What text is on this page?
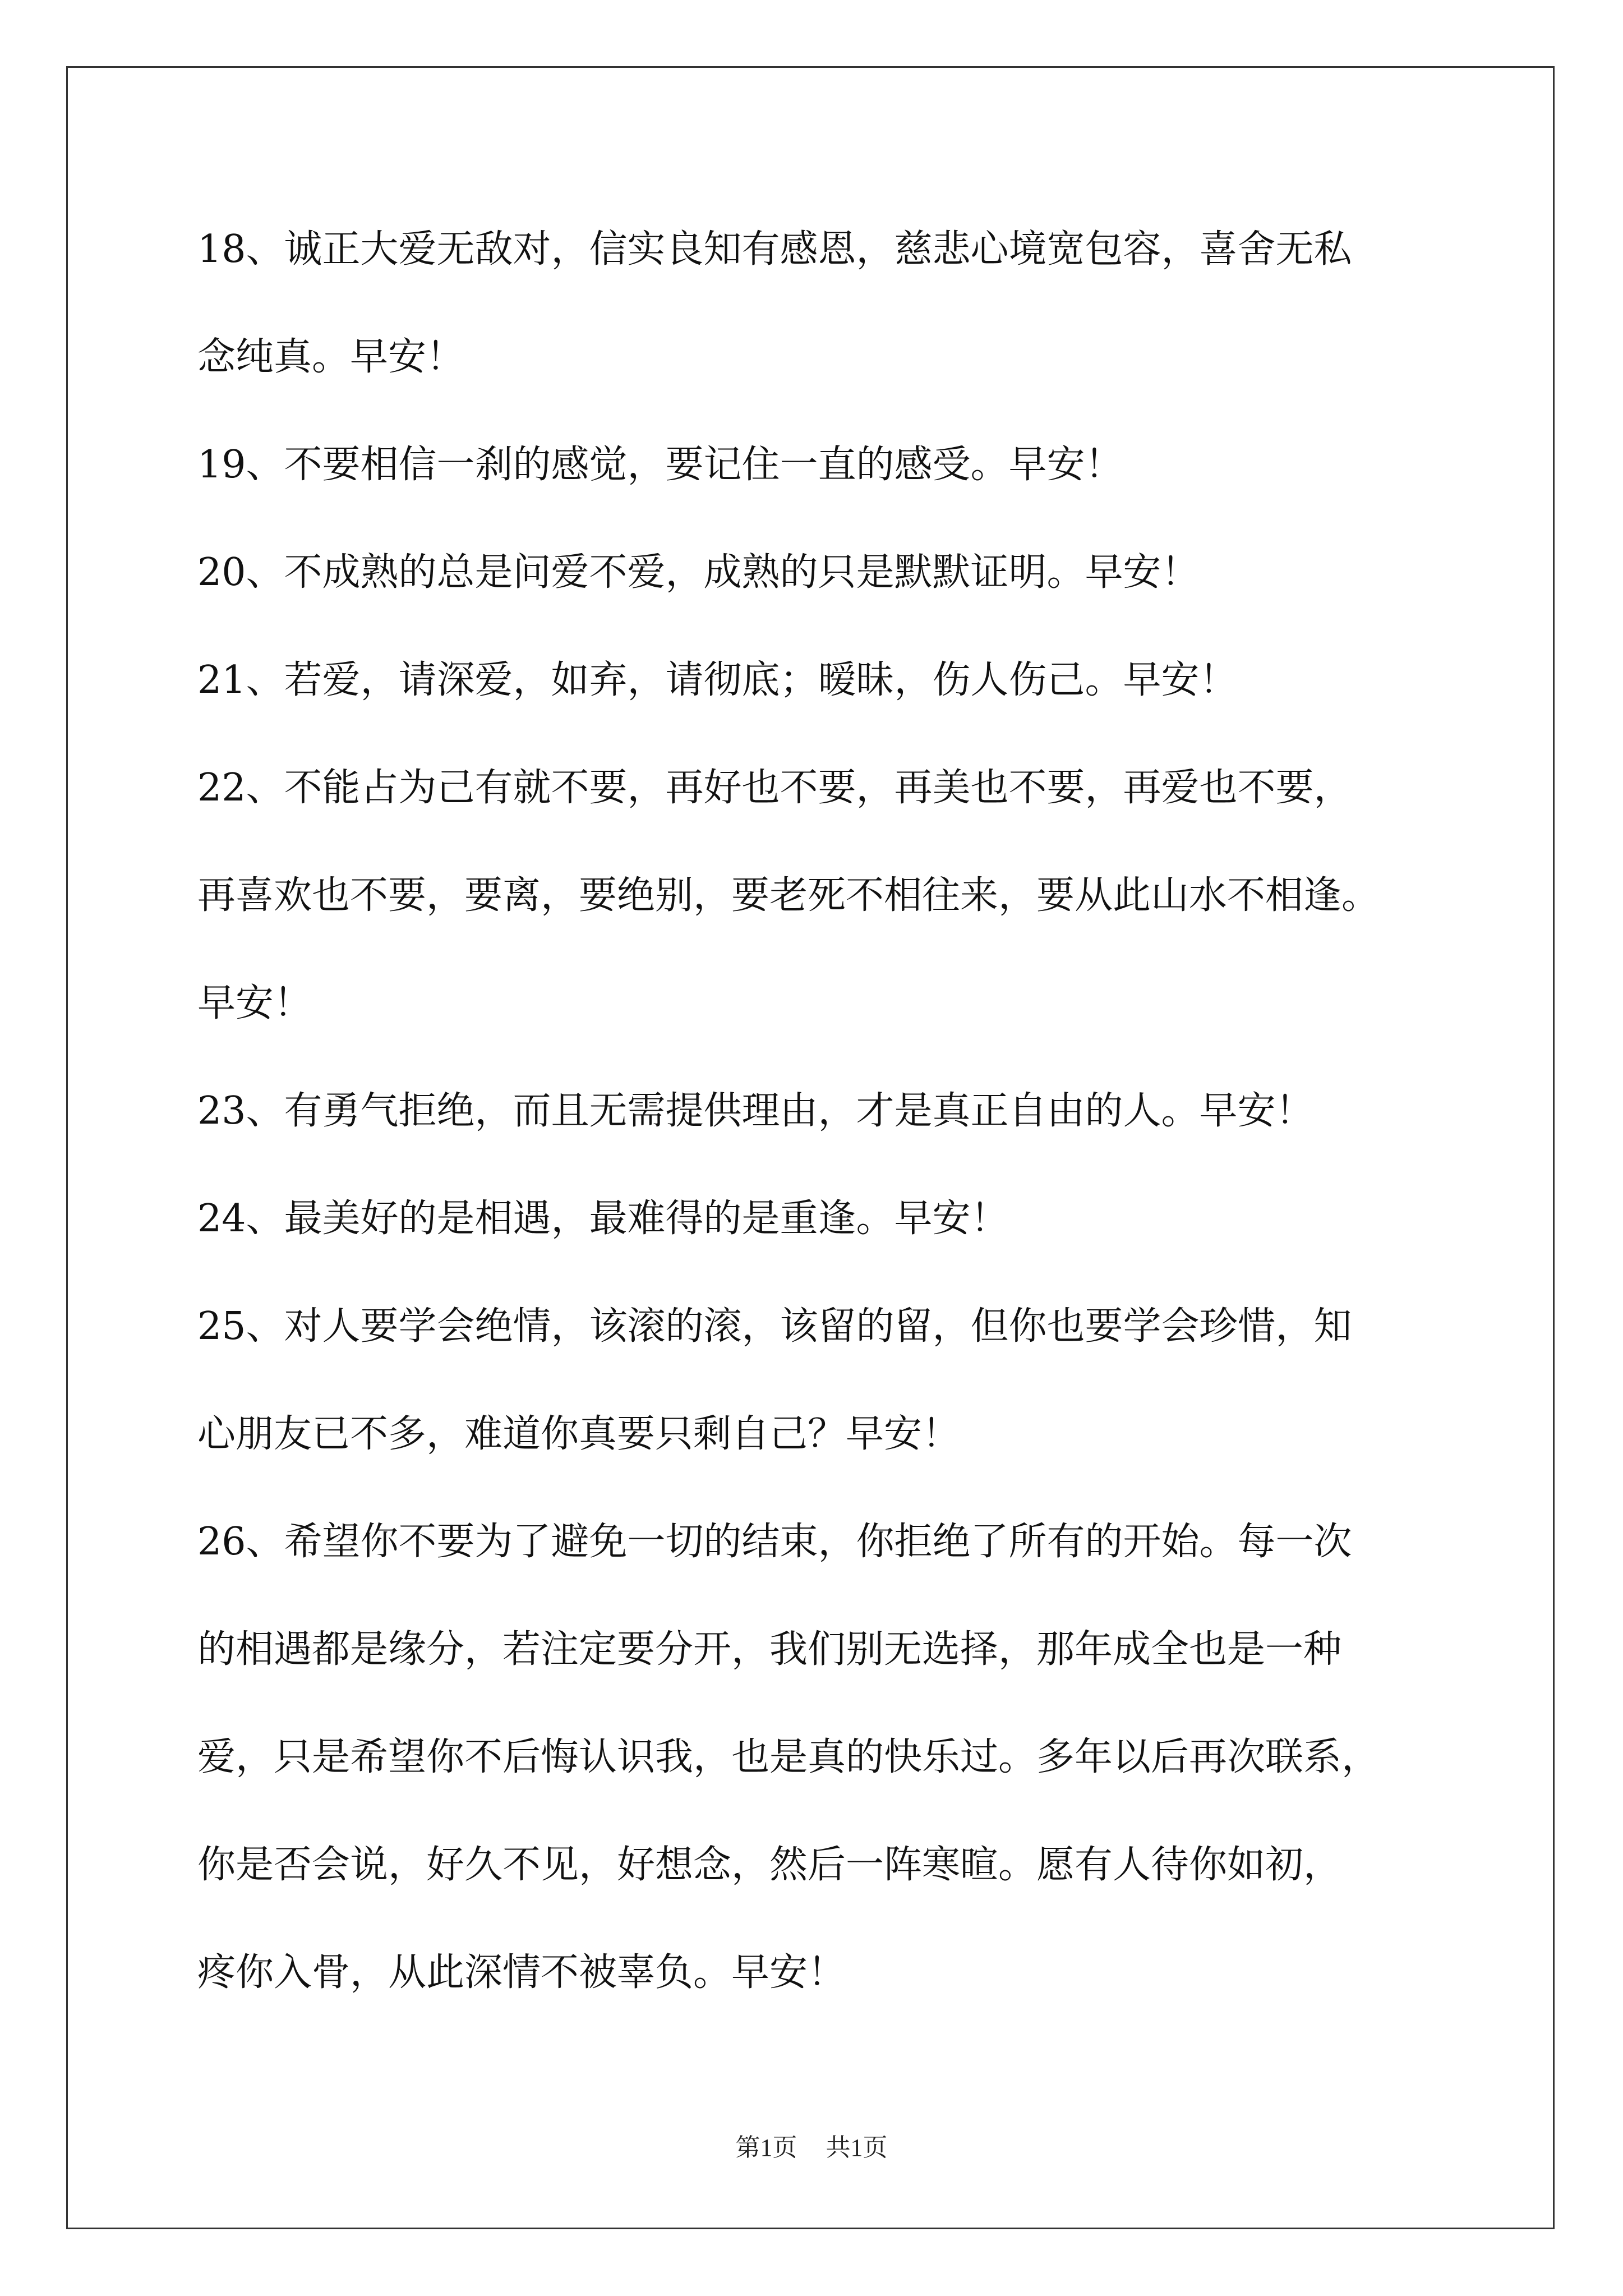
18、诚正大爱无敌对，信实良知有感恩，慈悲心境宽包容，喜舍无私
念纯真。早安！
19、不要相信一刹的感觉，要记住一直的感受。早安！
20、不成熟的总是问爱不爱，成熟的只是默默证明。早安！
21、若爱，请深爱，如弃，请彻底；暧昧，伤人伤己。早安！
22、不能占为己有就不要，再好也不要，再美也不要，再爱也不要，
再喜欢也不要，要离，要绝别，要老死不相往来，要从此山水不相逢。
早安！
23、有勇气拒绝，而且无需提供理由，才是真正自由的人。早安！
24、最美好的是相遇，最难得的是重逢。早安！
25、对人要学会绝情，该滚的滚，该留的留，但你也要学会珍惜，知
心朋友已不多，难道你真要只剩自己？早安！
26、希望你不要为了避免一切的结束，你拒绝了所有的开始。每一次
的相遇都是缘分，若注定要分开，我们别无选择，那年成全也是一种
爱，只是希望你不后悔认识我，也是真的快乐过。多年以后再次联系，
你是否会说，好久不见，好想念，然后一阵寒暄。愿有人待你如初，
疼你入骨，从此深情不被辜负。早安！
第1页 共1页
